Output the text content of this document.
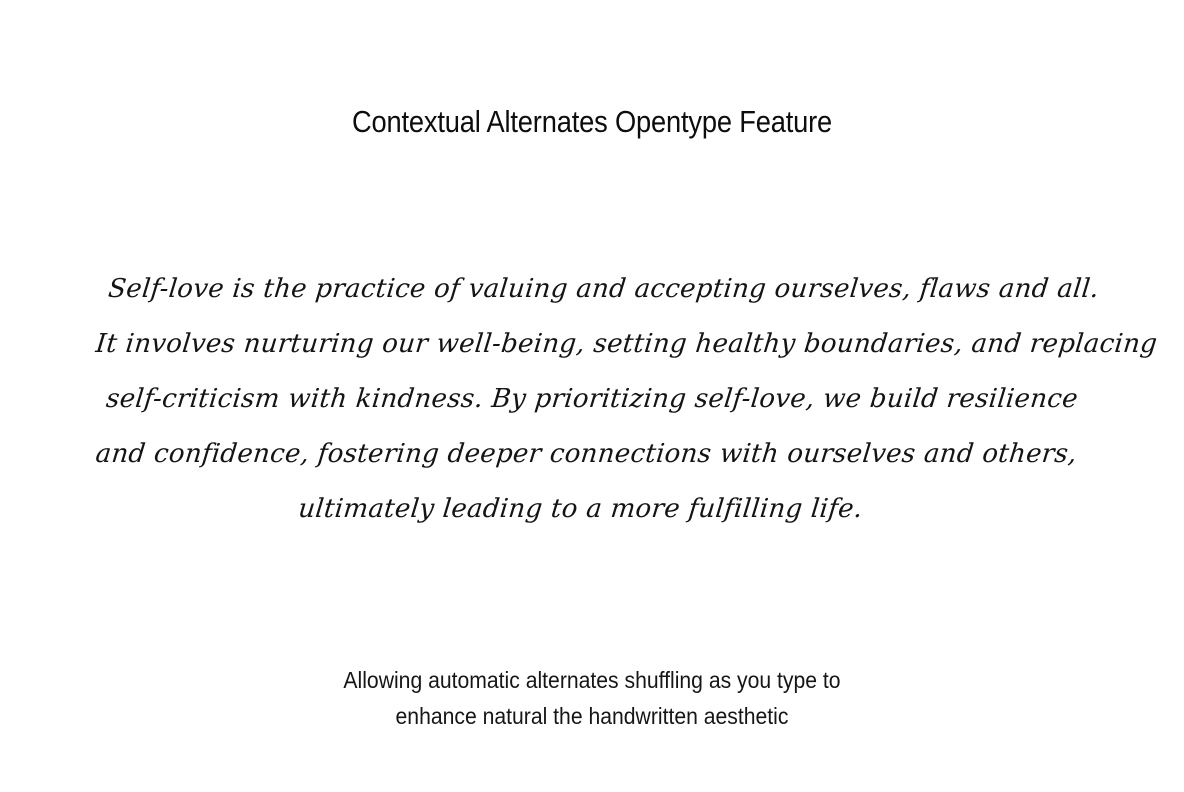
Contextual Alternates Opentype Feature
Self-love is the practice of valuing and accepting ourselves, flaws and all.
It involves nurturing our well-being, setting healthy boundaries, and replacing
self-criticism with kindness. By prioritizing self-love, we build resilience
and confidence, fostering deeper connections with ourselves and others,
ultimately leading to a more fulfilling life.
Allowing automatic alternates shuffling as you type to
enhance natural the handwritten aesthetic
